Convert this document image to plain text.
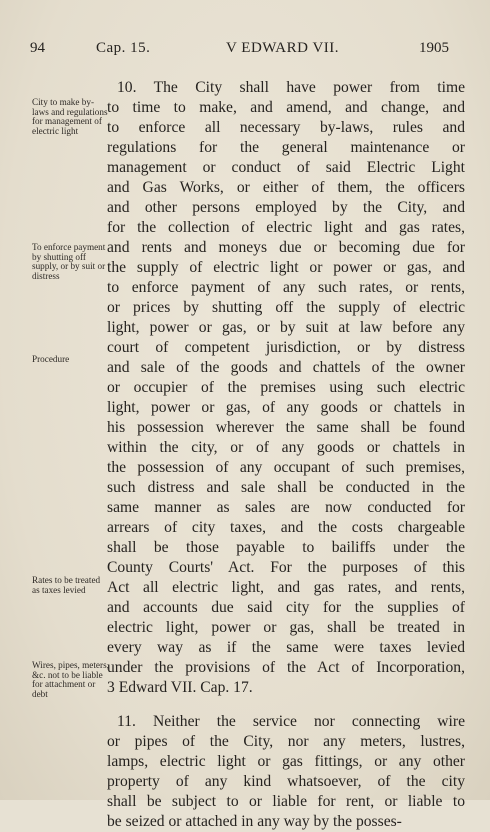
94	Cap. 15.	V EDWARD VII.	1905
City to make by-laws and regulations for management of electric light
To enforce payment by shutting off supply, or by suit or distress
Procedure
Rates to be treated as taxes levied
Wires, pipes, meters, &c. not to be liable for attachment or debt
10. The City shall have power from time
to time to make, and amend, and change, and
to enforce all necessary by-laws, rules and
regulations for the general maintenance or
management or conduct of said Electric Light
and Gas Works, or either of them, the officers
and other persons employed by the City, and
for the collection of electric light and gas rates,
and rents and moneys due or becoming due for
the supply of electric light or power or gas, and
to enforce payment of any such rates, or rents,
or prices by shutting off the supply of electric
light, power or gas, or by suit at law before any
court of competent jurisdiction, or by distress
and sale of the goods and chattels of the owner
or occupier of the premises using such electric
light, power or gas, of any goods or chattels in
his possession wherever the same shall be found
within the city, or of any goods or chattels in
the possession of any occupant of such premises,
such distress and sale shall be conducted in the
same manner as sales are now conducted for
arrears of city taxes, and the costs chargeable
shall be those payable to bailiffs under the
County Courts' Act. For the purposes of this
Act all electric light, and gas rates, and rents,
and accounts due said city for the supplies of
electric light, power or gas, shall be treated in
every way as if the same were taxes levied
under the provisions of the Act of Incorporation,
3 Edward VII. Cap. 17.
11. Neither the service nor connecting wire
or pipes of the City, nor any meters, lustres,
lamps, electric light or gas fittings, or any other
property of any kind whatsoever, of the city
shall be subject to or liable for rent, or liable to
be seized or attached in any way by the posses-
